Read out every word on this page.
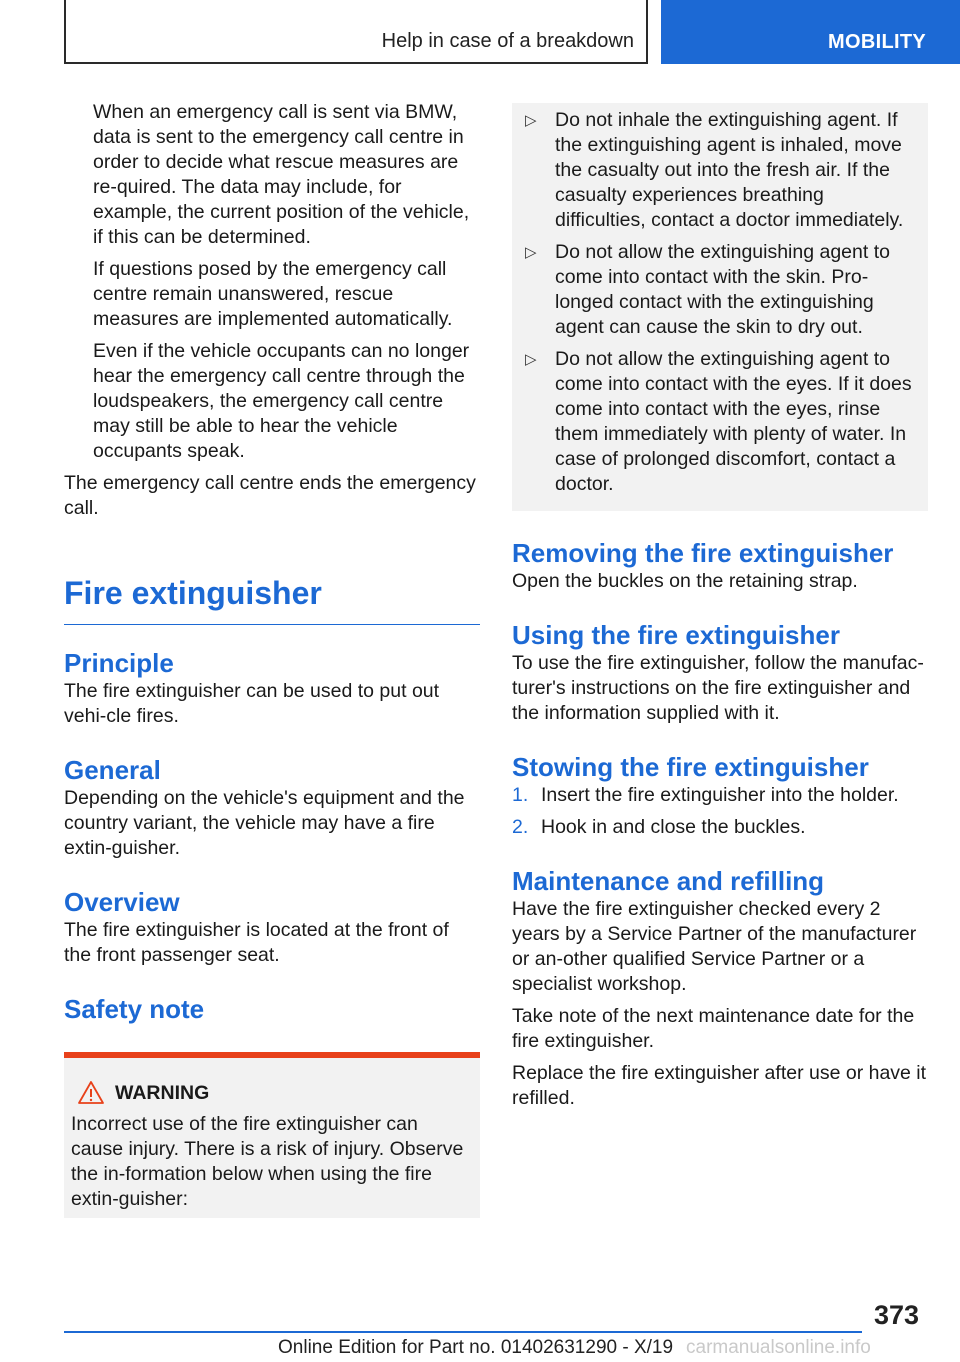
Help in case of a breakdown	MOBILITY

When an emergency call is sent via BMW, data is sent to the emergency call centre in order to decide what rescue measures are re-quired. The data may include, for example, the current position of the vehicle, if this can be determined.

If questions posed by the emergency call centre remain unanswered, rescue measures are implemented automatically.

Even if the vehicle occupants can no longer hear the emergency call centre through the loudspeakers, the emergency call centre may still be able to hear the vehicle occupants speak.

The emergency call centre ends the emergency call.

Fire extinguisher
Principle

The fire extinguisher can be used to put out vehi-cle fires.

General

Depending on the vehicle's equipment and the country variant, the vehicle may have a fire extin-guisher.

Overview

The fire extinguisher is located at the front of the front passenger seat.

Safety note
WARNING

Incorrect use of the fire extinguisher can cause injury. There is a risk of injury. Observe the in-formation below when using the fire extin-guisher:

▷ Do not inhale the extinguishing agent. If the extinguishing agent is inhaled, move the casualty out into the fresh air. If the casualty experiences breathing difficulties, contact a doctor immediately.

▷ Do not allow the extinguishing agent to come into contact with the skin. Pro-longed contact with the extinguishing agent can cause the skin to dry out.

▷ Do not allow the extinguishing agent to come into contact with the eyes. If it does come into contact with the eyes, rinse them immediately with plenty of water. In case of prolonged discomfort, contact a doctor.

Removing the fire extinguisher

Open the buckles on the retaining strap.

Using the fire extinguisher

To use the fire extinguisher, follow the manufac-turer's instructions on the fire extinguisher and the information supplied with it.

Stowing the fire extinguisher
1. Insert the fire extinguisher into the holder.

2. Hook in and close the buckles.

Maintenance and refilling

Have the fire extinguisher checked every 2 years by a Service Partner of the manufacturer or an-other qualified Service Partner or a specialist workshop.

Take note of the next maintenance date for the fire extinguisher.

Replace the fire extinguisher after use or have it refilled.

373
Online Edition for Part no. 01402631290 - X/19 carmanualsonline.info
